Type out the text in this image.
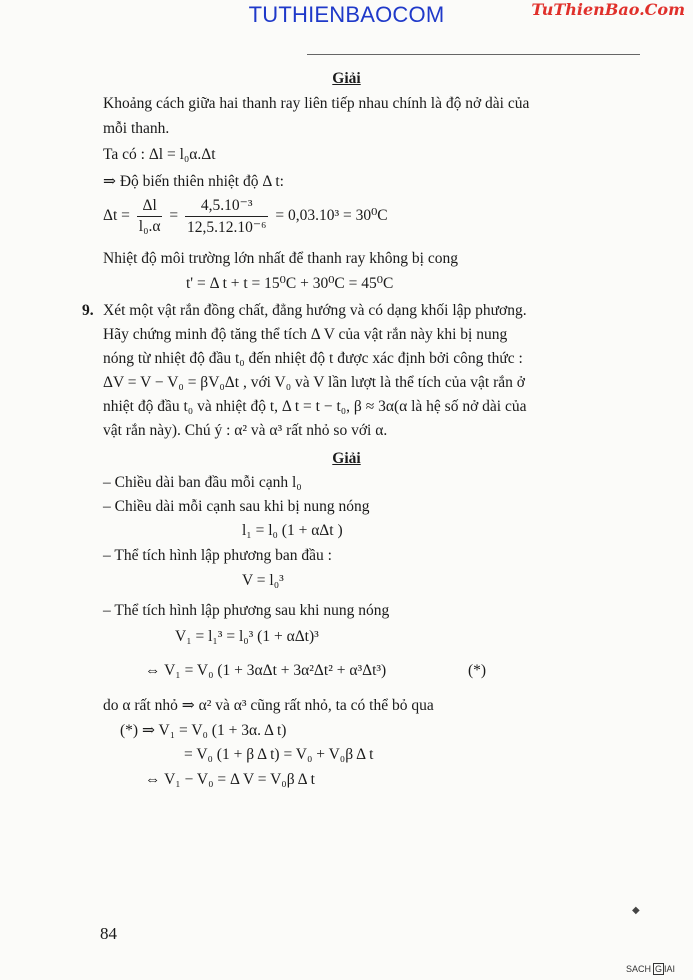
TUTHIENBAOCOM	TuThienBao.Com
Giải
Khoảng cách giữa hai thanh ray liên tiếp nhau chính là độ nở dài của
mỗi thanh.
Ta có : Δl = l₀α.Δt
⇒ Độ biến thiên nhiệt độ Δ t:
$\Delta t = \frac{\Delta l}{\text{l₀.α}} = \frac{\text{4,5.10⁻³}}{\text{12,5.12.10⁻⁶}} = 0,03.10^3 = 30^0C$
Nhiệt độ môi trường lớn nhất để thanh ray không bị cong
t' = Δ t + t = 15⁰C + 30⁰C = 45⁰C
9. Xét một vật rắn đồng chất, đẳng hướng và có dạng khối lập phương.
Hãy chứng minh độ tăng thể tích Δ V của vật rắn này khi bị nung
nóng từ nhiệt độ đầu t₀ đến nhiệt độ t được xác định bởi công thức :
ΔV = V − V₀ = βV₀Δt , với V₀ và V lần lượt là thể tích của vật rắn ở
nhiệt độ đầu t₀ và nhiệt độ t, Δ t = t − t₀, β ≈ 3α(α là hệ số nở dài của
vật rắn này). Chú ý : α² và α³ rất nhỏ so với α.
Giải
– Chiều dài ban đầu mỗi cạnh l₀
– Chiều dài mỗi cạnh sau khi bị nung nóng
l₁ = l₀ (1 + αΔt )
– Thể tích hình lập phương ban đầu :
V = l₀³
– Thể tích hình lập phương sau khi nung nóng
V₁ = l₁³ = l₀³ (1 + αΔt)³
⇔ V₁ = V₀ (1 + 3αΔt + 3α²Δt² + α³Δt³)	(*)
do α rất nhỏ ⇒ α² và α³ cũng rất nhỏ, ta có thể bỏ qua
(*) ⇒ V₁ = V₀ (1 + 3α. Δ t)
= V₀ (1 + β Δ t) = V₀ + V₀β Δ t
⇔ V₁ − V₀ = Δ V = V₀β Δ t
84
◆
SACH G IAI
